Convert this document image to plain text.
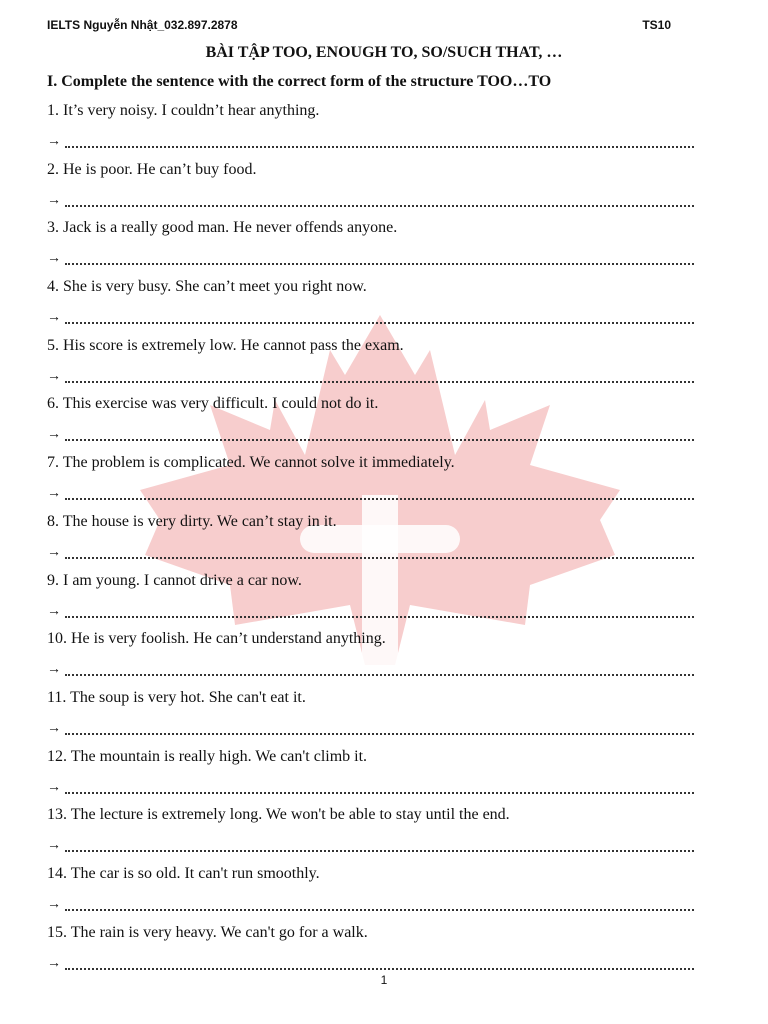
IELTS Nguyễn Nhật_032.897.2878	TS10
BÀI TẬP TOO, ENOUGH TO, SO/SUCH THAT, …
I. Complete the sentence with the correct form of the structure TOO…TO
1. It’s very noisy. I couldn’t hear anything.
→
2. He is poor. He can’t buy food.
→
3. Jack is a really good man. He never offends anyone.
→
4. She is very busy. She can’t meet you right now.
→
5. His score is extremely low. He cannot pass the exam.
→
6. This exercise was very difficult. I could not do it.
→
7. The problem is complicated. We cannot solve it immediately.
→
8. The house is very dirty. We can’t stay in it.
→
9. I am young. I cannot drive a car now.
→
10. He is very foolish. He can’t understand anything.
→
11. The soup is very hot. She can't eat it.
→
12. The mountain is really high. We can't climb it.
→
13. The lecture is extremely long. We won't be able to stay until the end.
→
14. The car is so old. It can't run smoothly.
→
15. The rain is very heavy. We can't go for a walk.
→
1
